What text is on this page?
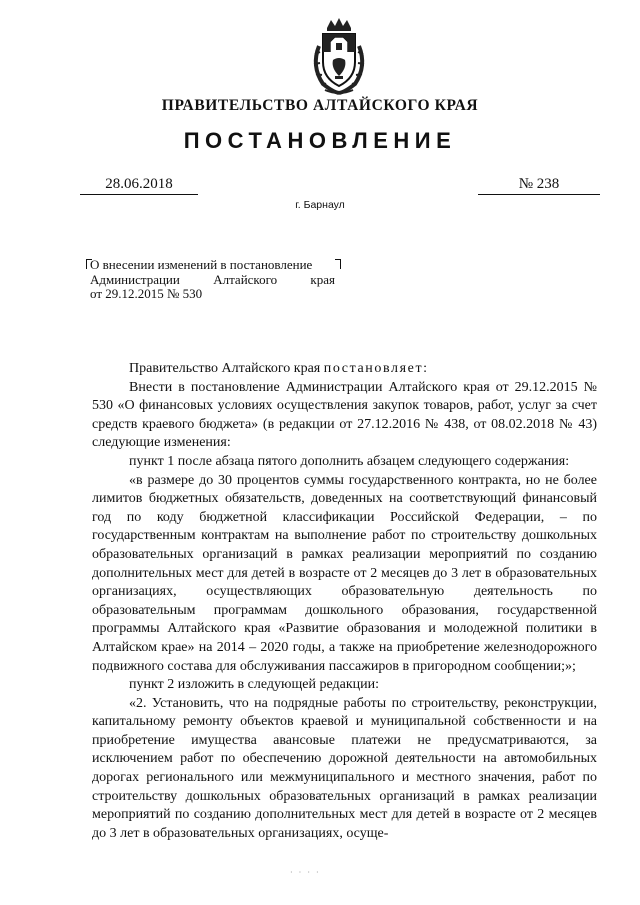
ПРАВИТЕЛЬСТВО АЛТАЙСКОГО КРАЯ
ПОСТАНОВЛЕНИЕ
28.06.2018	№ 238
г. Барнаул
О внесении изменений в постановление
Администрации Алтайского края
от 29.12.2015 № 530

Правительство Алтайского края постановляет:

Внести в постановление Администрации Алтайского края от 29.12.2015 № 530 «О финансовых условиях осуществления закупок товаров, работ, услуг за счет средств краевого бюджета» (в редакции от 27.12.2016 № 438, от 08.02.2018 № 43) следующие изменения:

пункт 1 после абзаца пятого дополнить абзацем следующего содержания:

«в размере до 30 процентов суммы государственного контракта, но не более лимитов бюджетных обязательств, доведенных на соответствующий финансовый год по коду бюджетной классификации Российской Федерации, – по государственным контрактам на выполнение работ по строительству дошкольных образовательных организаций в рамках реализации мероприятий по созданию дополнительных мест для детей в возрасте от 2 месяцев до 3 лет в образовательных организациях, осуществляющих образовательную деятельность по образовательным программам дошкольного образования, государственной программы Алтайского края «Развитие образования и молодежной политики в Алтайском крае» на 2014 – 2020 годы, а также на приобретение железнодорожного подвижного состава для обслуживания пассажиров в пригородном сообщении;»;

пункт 2 изложить в следующей редакции:

«2. Установить, что на подрядные работы по строительству, реконструкции, капитальному ремонту объектов краевой и муниципальной собственности и на приобретение имущества авансовые платежи не предусматриваются, за исключением работ по обеспечению дорожной деятельности на автомобильных дорогах регионального или межмуниципального и местного значения, работ по строительству дошкольных образовательных организаций в рамках реализации мероприятий по созданию дополнительных мест для детей в возрасте от 2 месяцев до 3 лет в образовательных организациях, осуще-

· · · ·
